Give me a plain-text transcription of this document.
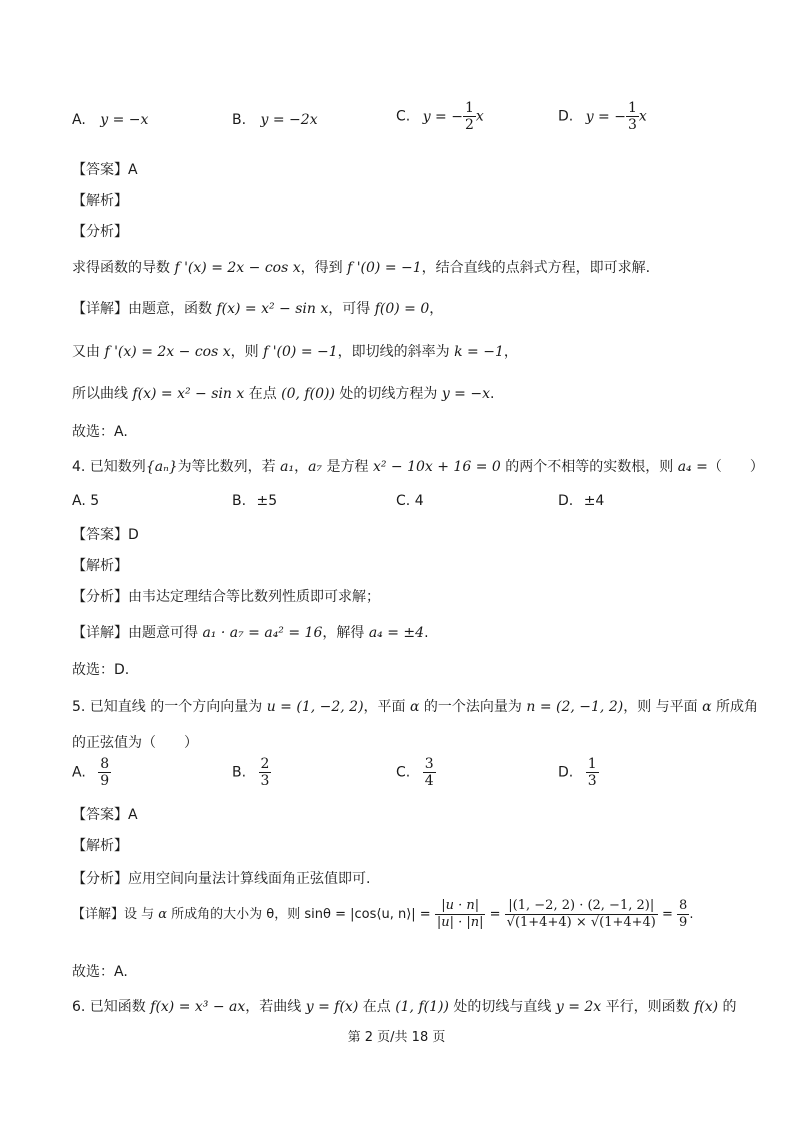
A. y = −x	B. y = −2x	C. y = − $\frac{1}{2}$ x	D. y = − $\frac{1}{3}$ x
【答案】A
【解析】
【分析】
求得函数的导数 f '(x) = 2x − cos x，得到 f '(0) = −1，结合直线的点斜式方程，即可求解.
【详解】由题意，函数 f(x) = x² − sin x，可得 f(0) = 0，
又由 f '(x) = 2x − cos x，则 f '(0) = −1，即切线的斜率为 k = −1，
所以曲线 f(x) = x² − sin x 在点 (0, f(0)) 处的切线方程为 y = −x.
故选：A.
4. 已知数列{aₙ}为等比数列，若 a₁，a₇ 是方程 x² − 10x + 16 = 0 的两个不相等的实数根，则 a₄ =（　　）
A. 5	B. ±5	C. 4	D. ±4
【答案】D
【解析】
【分析】由韦达定理结合等比数列性质即可求解；
【详解】由题意可得 a₁ · a₇ = a₄² = 16，解得 a₄ = ±4.
故选：D.
5. 已知直线 的一个方向向量为 u = (1, −2, 2)，平面 α 的一个法向量为 n = (2, −1, 2)，则 与平面 α 所成角
的正弦值为（　　）
A. $\frac{8}{9}$	B. $\frac{2}{3}$	C. $\frac{3}{4}$	D. $\frac{1}{3}$
【答案】A
【解析】
【分析】应用空间向量法计算线面角正弦值即可.
【详解】设 与 α 所成角的大小为 θ，则 sinθ = |cos⟨u, n⟩| = $\frac{|u \cdot n|}{|u| \cdot |n|} = \frac{|(1, -2, 2) \cdot (2, -1, 2)|}{√(1+4+4) \times √(1+4+4)} = \frac{8}{9}$ .
故选：A.
6. 已知函数 f(x) = x³ − ax，若曲线 y = f(x) 在点 (1, f(1)) 处的切线与直线 y = 2x 平行，则函数 f(x) 的
第 2 页/共 18 页
